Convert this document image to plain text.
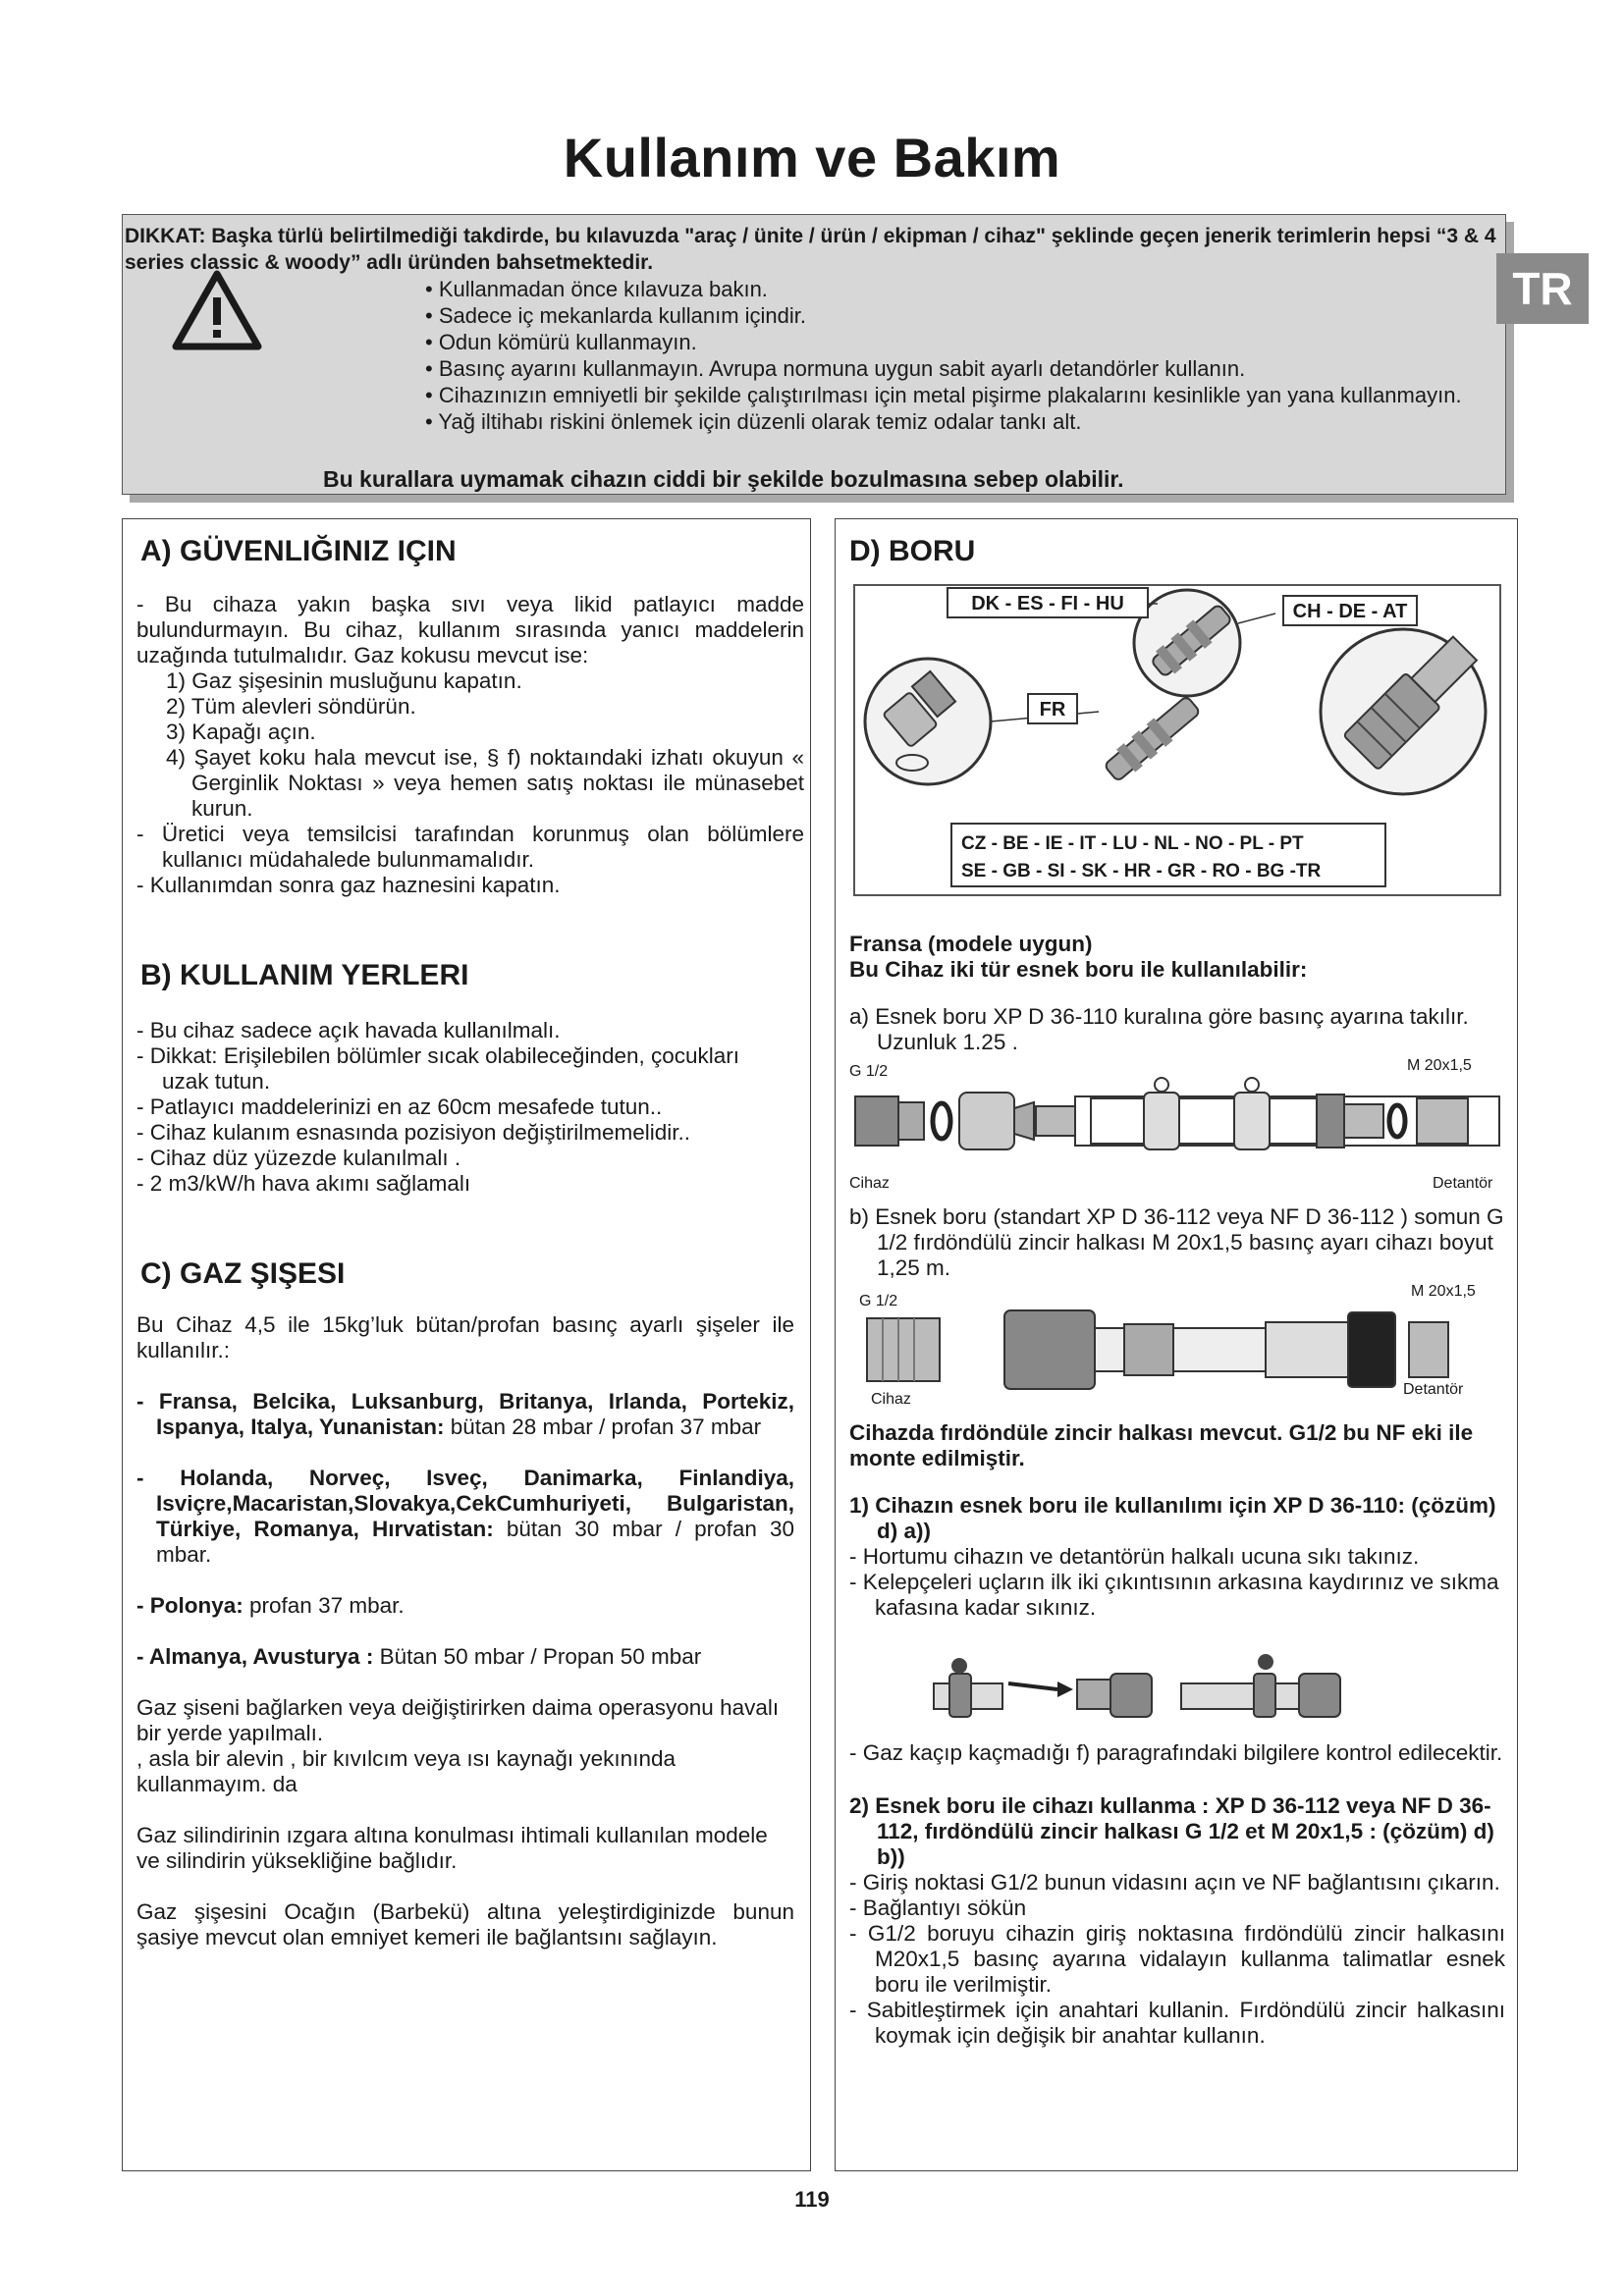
Kullanım ve Bakım
DIKKAT: Başka türlü belirtilmediği takdirde, bu kılavuzda "araç / ünite / ürün / ekipman / cihaz" şeklinde geçen jenerik terimlerin hepsi “3 & 4 series classic & woody” adlı üründen bahsetmektedir.
• Kullanmadan önce kılavuza bakın.
• Sadece iç mekanlarda kullanım içindir.
• Odun kömürü kullanmayın.
• Basınç ayarını kullanmayın. Avrupa normuna uygun sabit ayarlı detandörler kullanın.
• Cihazınızın emniyetli bir şekilde çalıştırılması için metal pişirme plakalarını kesinlikle yan yana kullanmayın.
• Yağ iltihabı riskini önlemek için düzenli olarak temiz odalar tankı alt.
Bu kurallara uymamak cihazın ciddi bir şekilde bozulmasına sebep olabilir.
TR
A) GÜVENLIĞINIZ IÇIN

- Bu cihaza yakın başka sıvı veya likid patlayıcı madde bulundurmayın. Bu cihaz, kullanım sırasında yanıcı maddelerin uzağında tutulmalıdır. Gaz kokusu mevcut ise:

1) Gaz şişesinin musluğunu kapatın.

2) Tüm alevleri söndürün.

3) Kapağı açın.

4) Şayet koku hala mevcut ise, § f) noktaındaki izhatı okuyun « Gerginlik Noktası » veya hemen satış noktası ile münasebet kurun.

- Üretici veya temsilcisi tarafından korunmuş olan bölümlere kullanıcı müdahalede bulunmamalıdır.

- Kullanımdan sonra gaz haznesini kapatın.

B) KULLANIM YERLERI

- Bu cihaz sadece açık havada kullanılmalı.

- Dikkat: Erişilebilen bölümler sıcak olabileceğinden, çocukları uzak tutun.

- Patlayıcı maddelerinizi en az 60cm mesafede tutun..

- Cihaz kulanım esnasında pozisiyon değiştirilmemelidir..

- Cihaz düz yüzezde kulanılmalı .

- 2 m3/kW/h hava akımı sağlamalı

C) GAZ ŞIŞESI

Bu Cihaz 4,5 ile 15kg’luk bütan/profan basınç ayarlı şişeler ile kullanılır.:

- Fransa, Belcika, Luksanburg, Britanya, Irlanda, Portekiz, Ispanya, Italya, Yunanistan: bütan 28 mbar / profan 37 mbar

- Holanda, Norveç, Isveç, Danimarka, Finlandiya, Isviçre,Macaristan,Slovakya,CekCumhuriyeti, Bulgaristan, Türkiye, Romanya, Hırvatistan: bütan 30 mbar / profan 30 mbar.

- Polonya: profan 37 mbar.

- Almanya, Avusturya : Bütan 50 mbar / Propan 50 mbar

Gaz şiseni bağlarken veya deiğiştirirken daima operasyonu havalı bir yerde yapılmalı.

, asla bir alevin , bir kıvılcım veya ısı kaynağı yekınında kullanmayım. da

Gaz silindirinin ızgara altına konulması ihtimali kullanılan modele ve silindirin yüksekliğine bağlıdır.

Gaz şişesini Ocağın (Barbekü) altına yeleştirdiginizde bunun şasiye mevcut olan emniyet kemeri ile bağlantsını sağlayın.

D) BORU
DK - ES - FI - HU	CH - DE - AT
FR
CZ - BE - IE - IT - LU - NL - NO - PL - PT
SE - GB - SI - SK - HR - GR - RO - BG -TR

Fransa (modele uygun)

Bu Cihaz iki tür esnek boru ile kullanılabilir:

a) Esnek boru XP D 36-110 kuralına göre basınç ayarına takılır. Uzunluk 1.25 .
G 1/2	M 20x1,5
Cihaz	Detantör
b) Esnek boru (standart XP D 36-112 veya NF D 36-112 ) somun G 1/2 fırdöndülü zincir halkası M 20x1,5 basınç ayarı cihazı boyut 1,25 m.
G 1/2
M 20x1,5
Cihaz
Detantör
Cihazda fırdöndüle zincir halkası mevcut. G1/2 bu NF eki ile monte edilmiştir.

1) Cihazın esnek boru ile kullanılımı için XP D 36-110: (çözüm) d) a))

- Hortumu cihazın ve detantörün halkalı ucuna sıkı takınız.

- Kelepçeleri uçların ilk iki çıkıntısının arkasına kaydırınız ve sıkma kafasına kadar sıkınız.

- Gaz kaçıp kaçmadığı f) paragrafındaki bilgilere kontrol edilecektir.

2) Esnek boru ile cihazı kullanma : XP D 36-112 veya NF D 36-112, fırdöndülü zincir halkası G 1/2 et M 20x1,5 : (çözüm) d) b))

- Giriş noktasi G1/2 bunun vidasını açın ve NF bağlantısını çıkarın.

- Bağlantıyı sökün

- G1/2 boruyu cihazin giriş noktasına fırdöndülü zincir halkasını M20x1,5 basınç ayarına vidalayın kullanma talimatlar esnek boru ile verilmiştir.

- Sabitleştirmek için anahtari kullanin. Fırdöndülü zincir halkasını koymak için değişik bir anahtar kullanın.

119
